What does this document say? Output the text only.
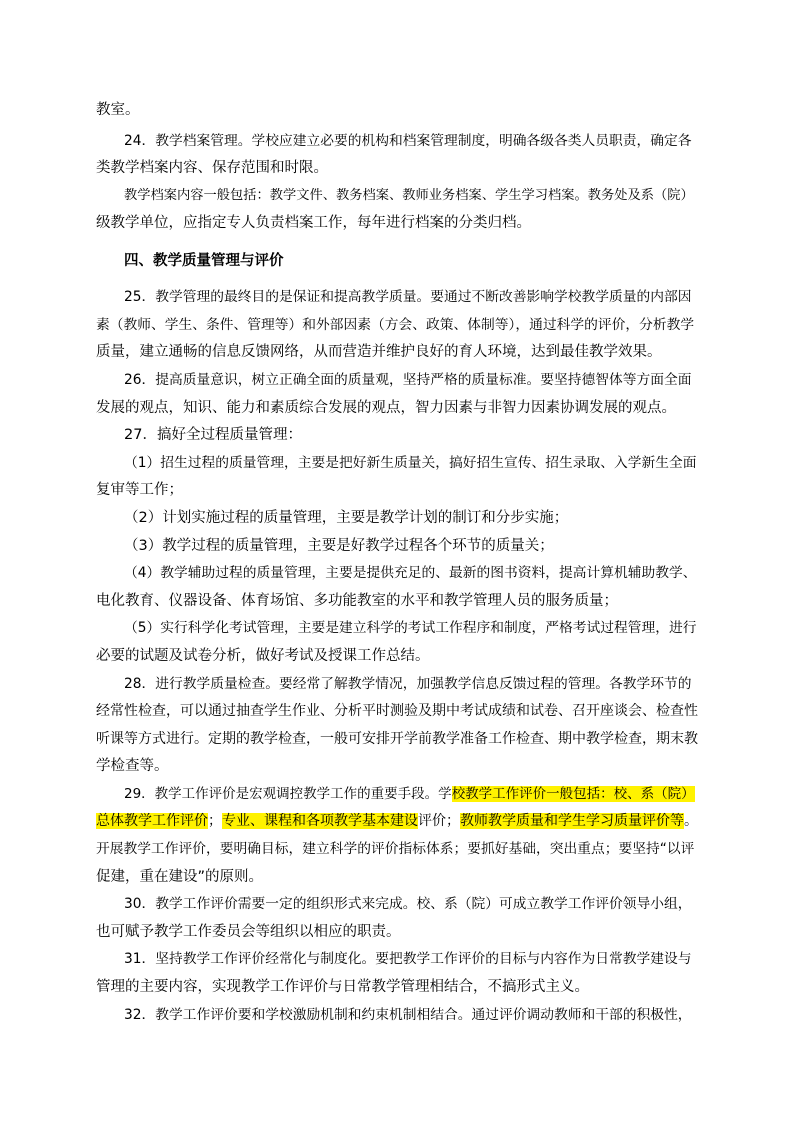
教室。
24．教学档案管理。学校应建立必要的机构和档案管理制度，明确各级各类人员职责，确定各
类教学档案内容、保存范围和时限。
教学档案内容一般包括：教学文件、教务档案、教师业务档案、学生学习档案。教务处及系（院）
级教学单位，应指定专人负责档案工作，每年进行档案的分类归档。
四、教学质量管理与评价
25．教学管理的最终目的是保证和提高教学质量。要通过不断改善影响学校教学质量的内部因
素（教师、学生、条件、管理等）和外部因素（方会、政策、体制等），通过科学的评价，分析教学
质量，建立通畅的信息反馈网络，从而营造并维护良好的育人环境，达到最佳教学效果。
26．提高质量意识，树立正确全面的质量观，坚持严格的质量标准。要坚持德智体等方面全面
发展的观点，知识、能力和素质综合发展的观点，智力因素与非智力因素协调发展的观点。
27．搞好全过程质量管理：
（1）招生过程的质量管理，主要是把好新生质量关，搞好招生宣传、招生录取、入学新生全面
复审等工作；
（2）计划实施过程的质量管理，主要是教学计划的制订和分步实施；
（3）教学过程的质量管理，主要是好教学过程各个环节的质量关；
（4）教学辅助过程的质量管理，主要是提供充足的、最新的图书资料，提高计算机辅助教学、
电化教育、仪器设备、体育场馆、多功能教室的水平和教学管理人员的服务质量；
（5）实行科学化考试管理，主要是建立科学的考试工作程序和制度，严格考试过程管理，进行
必要的试题及试卷分析，做好考试及授课工作总结。
28．进行教学质量检查。要经常了解教学情况，加强教学信息反馈过程的管理。各教学环节的
经常性检查，可以通过抽查学生作业、分析平时测验及期中考试成绩和试卷、召开座谈会、检查性
听课等方式进行。定期的教学检查，一般可安排开学前教学准备工作检查、期中教学检查，期末教
学检查等。
29．教学工作评价是宏观调控教学工作的重要手段。学校教学工作评价一般包括：校、系（院）
总体教学工作评价；专业、课程和各项教学基本建设评价；教师教学质量和学生学习质量评价等。
开展教学工作评价，要明确目标，建立科学的评价指标体系；要抓好基础，突出重点；要坚持“以评
促建，重在建设”的原则。
30．教学工作评价需要一定的组织形式来完成。校、系（院）可成立教学工作评价领导小组，
也可赋予教学工作委员会等组织以相应的职责。
31．坚持教学工作评价经常化与制度化。要把教学工作评价的目标与内容作为日常教学建设与
管理的主要内容，实现教学工作评价与日常教学管理相结合，不搞形式主义。
32．教学工作评价要和学校激励机制和约束机制相结合。通过评价调动教师和干部的积极性，
